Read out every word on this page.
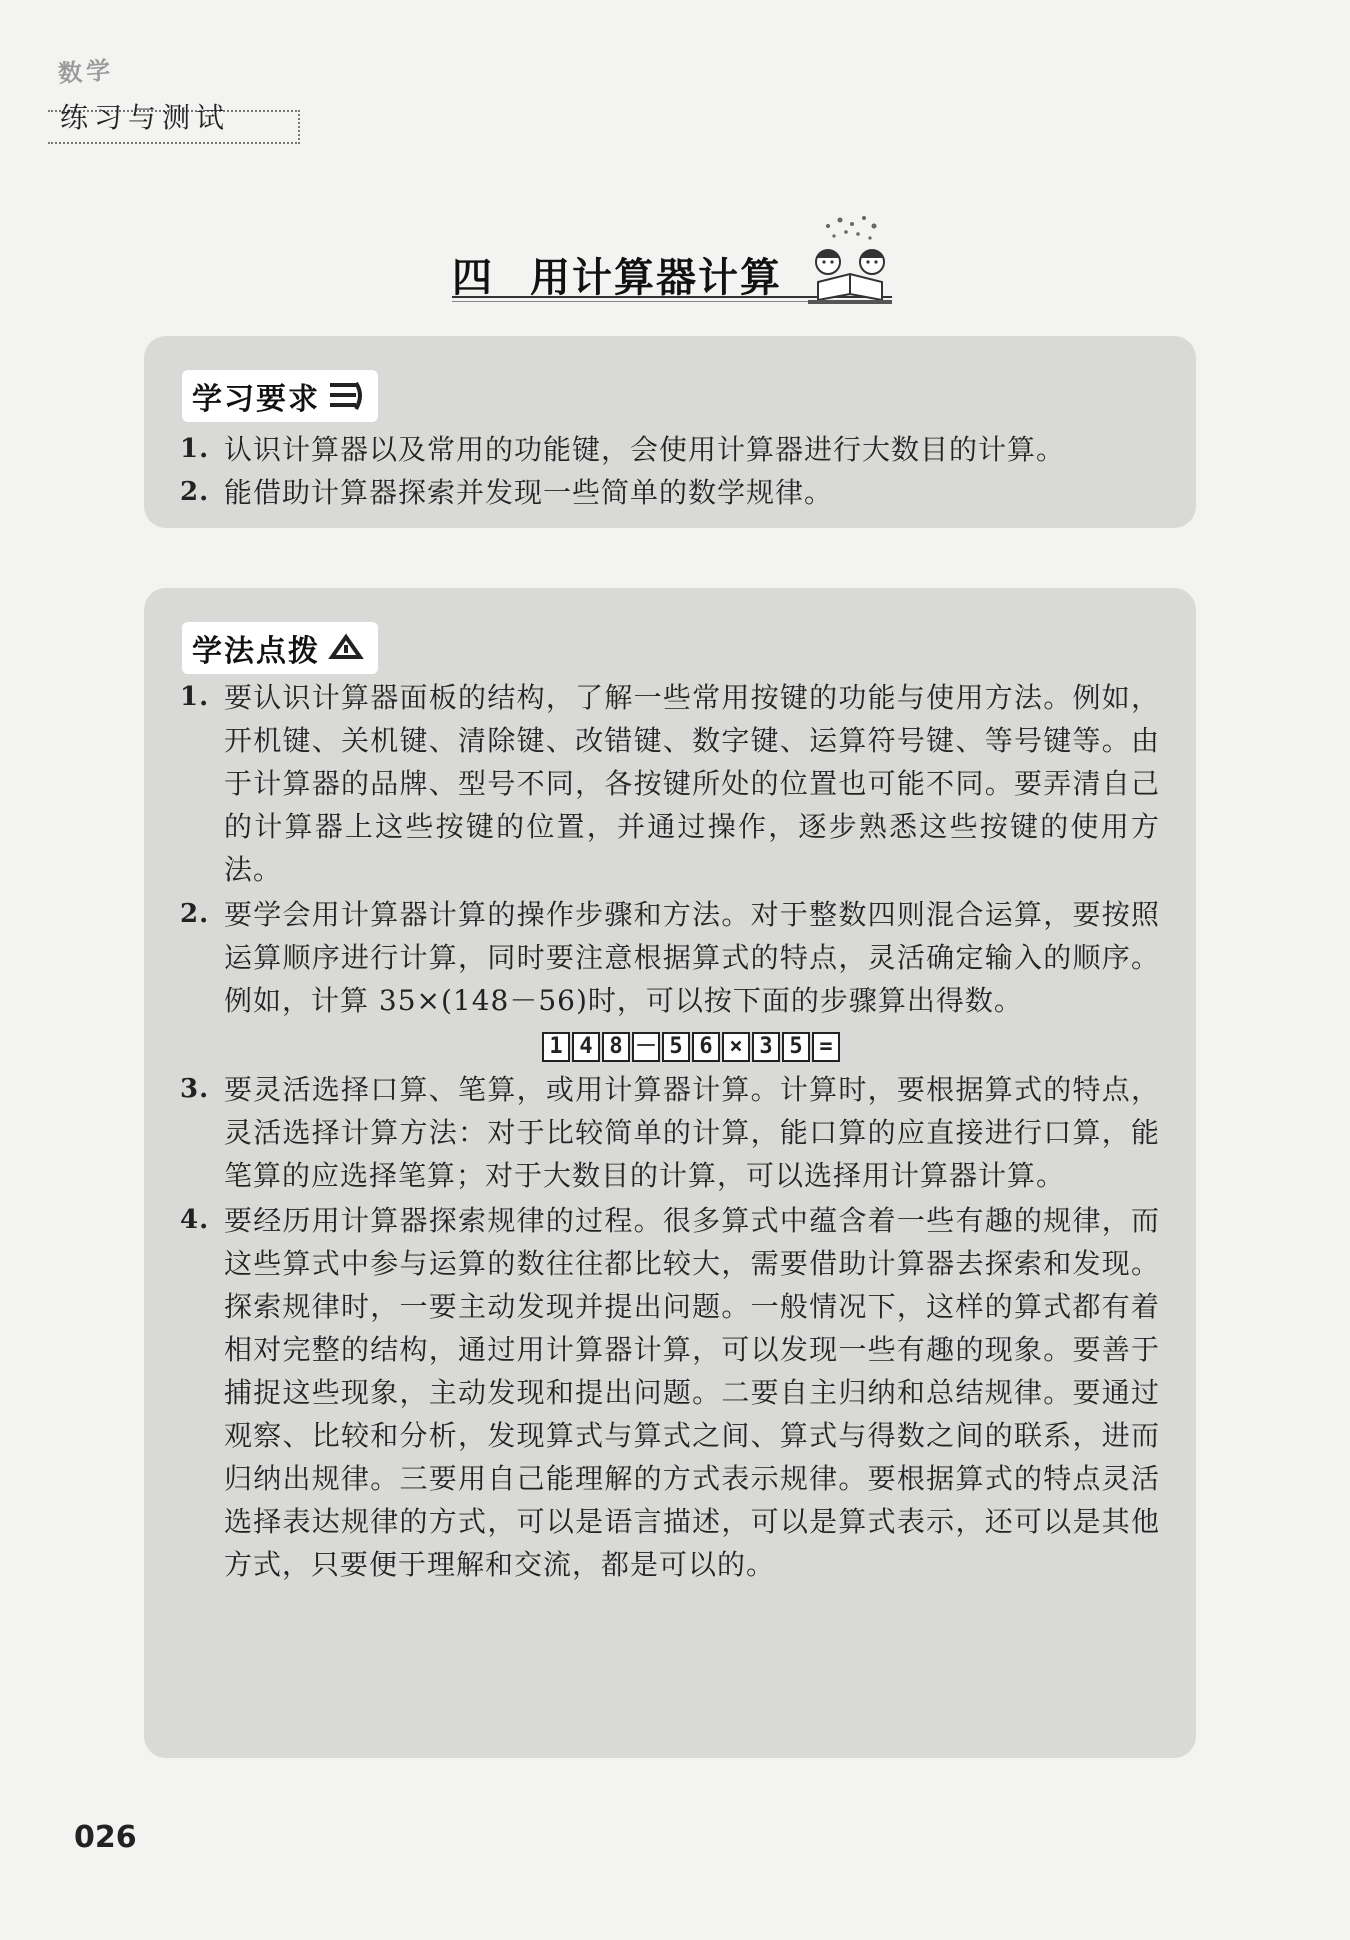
数学
练习与测试
四 用计算器计算
学习要求
1. 认识计算器以及常用的功能键，会使用计算器进行大数目的计算。
2. 能借助计算器探索并发现一些简单的数学规律。
学法点拨
1. 要认识计算器面板的结构，了解一些常用按键的功能与使用方法。例如，开机键、关机键、清除键、改错键、数字键、运算符号键、等号键等。由于计算器的品牌、型号不同，各按键所处的位置也可能不同。要弄清自己的计算器上这些按键的位置，并通过操作，逐步熟悉这些按键的使用方法。
2. 要学会用计算器计算的操作步骤和方法。对于整数四则混合运算，要按照运算顺序进行计算，同时要注意根据算式的特点，灵活确定输入的顺序。例如，计算 35×(148－56)时，可以按下面的步骤算出得数。
1 4 8 － 5 6 × 3 5 =
3. 要灵活选择口算、笔算，或用计算器计算。计算时，要根据算式的特点，灵活选择计算方法：对于比较简单的计算，能口算的应直接进行口算，能笔算的应选择笔算；对于大数目的计算，可以选择用计算器计算。
4. 要经历用计算器探索规律的过程。很多算式中蕴含着一些有趣的规律，而这些算式中参与运算的数往往都比较大，需要借助计算器去探索和发现。探索规律时，一要主动发现并提出问题。一般情况下，这样的算式都有着相对完整的结构，通过用计算器计算，可以发现一些有趣的现象。要善于捕捉这些现象，主动发现和提出问题。二要自主归纳和总结规律。要通过观察、比较和分析，发现算式与算式之间、算式与得数之间的联系，进而归纳出规律。三要用自己能理解的方式表示规律。要根据算式的特点灵活选择表达规律的方式，可以是语言描述，可以是算式表示，还可以是其他方式，只要便于理解和交流，都是可以的。
026
